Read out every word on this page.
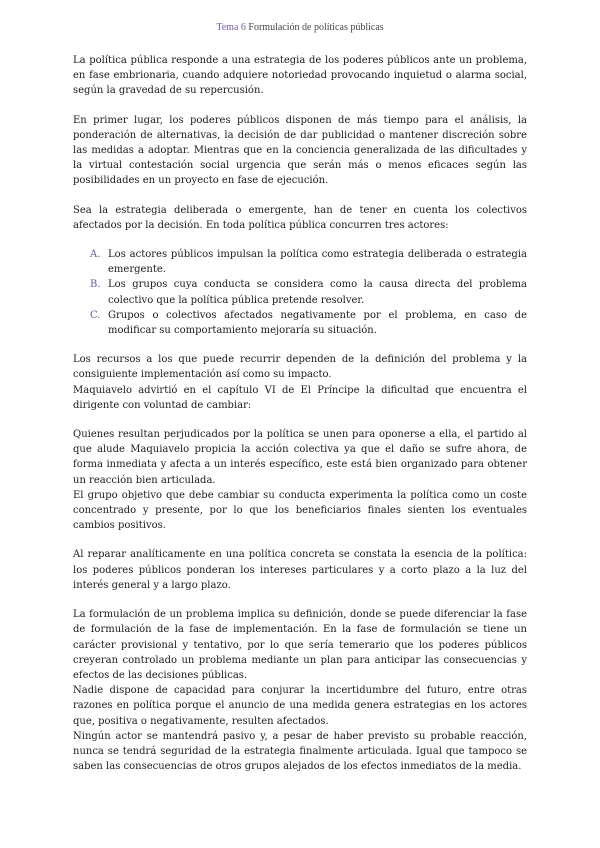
Tema 6 Formulación de políticas públicas

La política pública responde a una estrategia de los poderes públicos ante un problema, en fase embrionaria, cuando adquiere notoriedad provocando inquietud o alarma social, según la gravedad de su repercusión.

En primer lugar, los poderes públicos disponen de más tiempo para el análisis, la ponderación de alternativas, la decisión de dar publicidad o mantener discreción sobre las medidas a adoptar. Mientras que en la conciencia generalizada de las dificultades y la virtual contestación social urgencia que serán más o menos eficaces según las posibilidades en un proyecto en fase de ejecución.

Sea la estrategia deliberada o emergente, han de tener en cuenta los colectivos afectados por la decisión. En toda política pública concurren tres actores:

A. Los actores públicos impulsan la política como estrategia deliberada o estrategia emergente.
B. Los grupos cuya conducta se considera como la causa directa del problema colectivo que la política pública pretende resolver.
C. Grupos o colectivos afectados negativamente por el problema, en caso de modificar su comportamiento mejoraría su situación.

Los recursos a los que puede recurrir dependen de la definición del problema y la consiguiente implementación así como su impacto.

Maquiavelo advirtió en el capítulo VI de El Príncipe la dificultad que encuentra el dirigente con voluntad de cambiar:

Quienes resultan perjudicados por la política se unen para oponerse a ella, el partido al que alude Maquiavelo propicia la acción colectiva ya que el daño se sufre ahora, de forma inmediata y afecta a un interés específico, este está bien organizado para obtener un reacción bien articulada.

El grupo objetivo que debe cambiar su conducta experimenta la política como un coste concentrado y presente, por lo que los beneficiarios finales sienten los eventuales cambios positivos.

Al reparar analíticamente en una política concreta se constata la esencia de la política: los poderes públicos ponderan los intereses particulares y a corto plazo a la luz del interés general y a largo plazo.

La formulación de un problema implica su definición, donde se puede diferenciar la fase de formulación de la fase de implementación. En la fase de formulación se tiene un carácter provisional y tentativo, por lo que sería temerario que los poderes públicos creyeran controlado un problema mediante un plan para anticipar las consecuencias y efectos de las decisiones públicas.

Nadie dispone de capacidad para conjurar la incertidumbre del futuro, entre otras razones en política porque el anuncio de una medida genera estrategias en los actores que, positiva o negativamente, resulten afectados.

Ningún actor se mantendrá pasivo y, a pesar de haber previsto su probable reacción, nunca se tendrá seguridad de la estrategia finalmente articulada. Igual que tampoco se saben las consecuencias de otros grupos alejados de los efectos inmediatos de la media.
